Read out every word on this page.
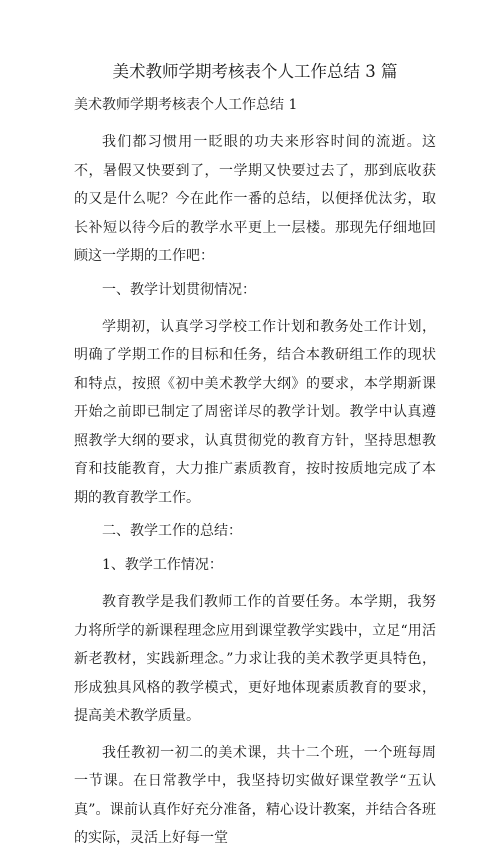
美术教师学期考核表个人工作总结 3 篇
美术教师学期考核表个人工作总结 1

我们都习惯用一眨眼的功夫来形容时间的流逝。这不，暑假又快要到了，一学期又快要过去了，那到底收获的又是什么呢？今在此作一番的总结，以便择优汰劣，取长补短以待今后的教学水平更上一层楼。那现先仔细地回顾这一学期的工作吧：

一、教学计划贯彻情况：

学期初，认真学习学校工作计划和教务处工作计划，明确了学期工作的目标和任务，结合本教研组工作的现状和特点，按照《初中美术教学大纲》的要求，本学期新课开始之前即已制定了周密详尽的教学计划。教学中认真遵照教学大纲的要求，认真贯彻党的教育方针，坚持思想教育和技能教育，大力推广素质教育，按时按质地完成了本期的教育教学工作。

二、教学工作的总结：

1、教学工作情况：

教育教学是我们教师工作的首要任务。本学期，我努力将所学的新课程理念应用到课堂教学实践中，立足“用活新老教材，实践新理念。”力求让我的美术教学更具特色，形成独具风格的教学模式，更好地体现素质教育的要求，提高美术教学质量。

我任教初一初二的美术课，共十二个班，一个班每周一节课。在日常教学中，我坚持切实做好课堂教学“五认真”。课前认真作好充分准备，精心设计教案，并结合各班的实际，灵活上好每一堂
